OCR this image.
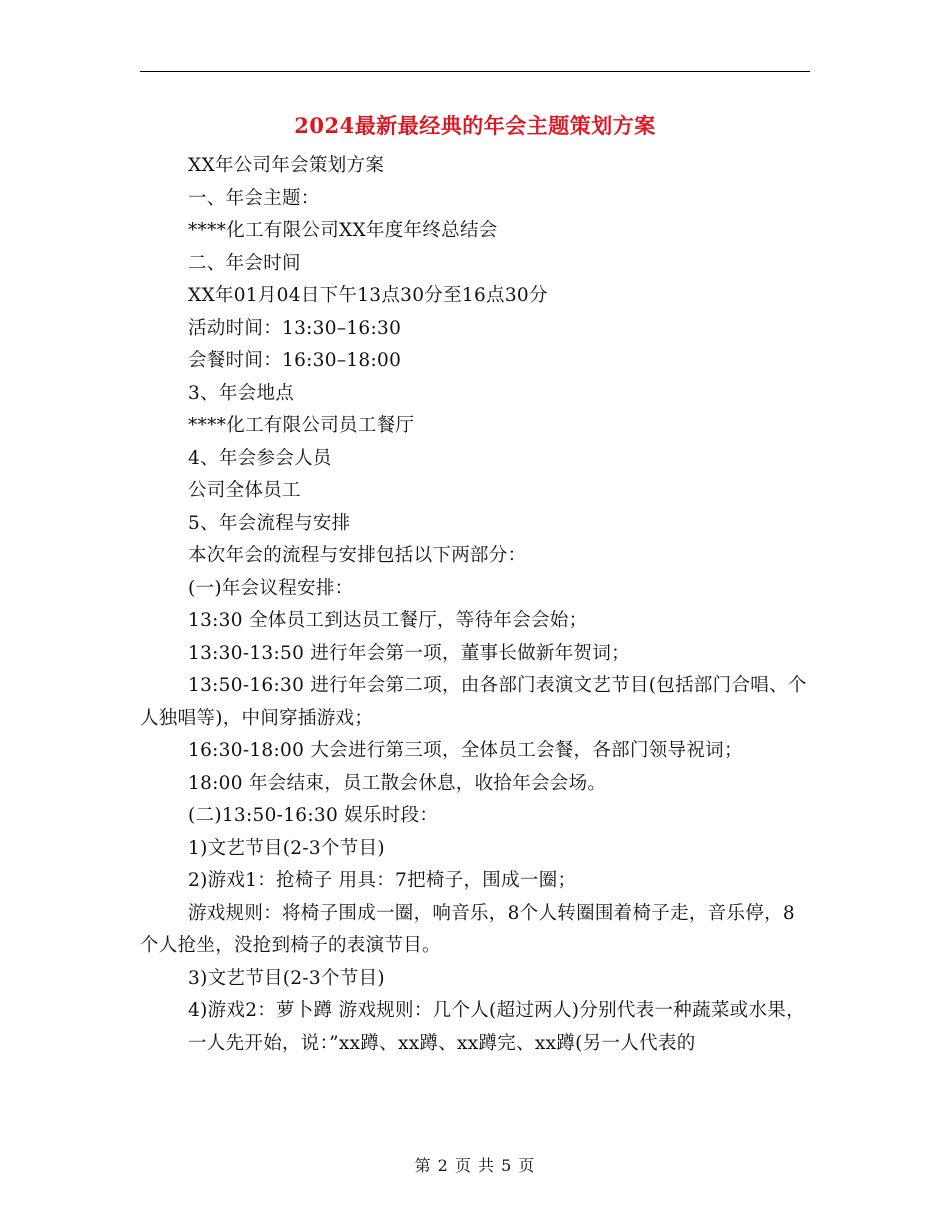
2024最新最经典的年会主题策划方案

XX年公司年会策划方案

一、年会主题：

****化工有限公司XX年度年终总结会

二、年会时间

XX年01月04日下午13点30分至16点30分

活动时间：13:30–16:30

会餐时间：16:30–18:00

3、年会地点

****化工有限公司员工餐厅

4、年会参会人员

公司全体员工

5、年会流程与安排

本次年会的流程与安排包括以下两部分：

(一)年会议程安排：

13:30 全体员工到达员工餐厅，等待年会会始；

13:30-13:50 进行年会第一项，董事长做新年贺词；

13:50-16:30 进行年会第二项，由各部门表演文艺节目(包括部门合唱、个人独唱等)，中间穿插游戏；

16:30-18:00 大会进行第三项，全体员工会餐，各部门领导祝词；

18:00 年会结束，员工散会休息，收拾年会会场。

(二)13:50-16:30 娱乐时段：

1)文艺节目(2-3个节目)

2)游戏1：抢椅子 用具：7把椅子，围成一圈；

游戏规则：将椅子围成一圈，响音乐，8个人转圈围着椅子走，音乐停，8个人抢坐，没抢到椅子的表演节目。

3)文艺节目(2-3个节目)

4)游戏2：萝卜蹲 游戏规则：几个人(超过两人)分别代表一种蔬菜或水果，

一人先开始，说：”xx蹲、xx蹲、xx蹲完、xx蹲(另一人代表的

第 2 页 共 5 页
